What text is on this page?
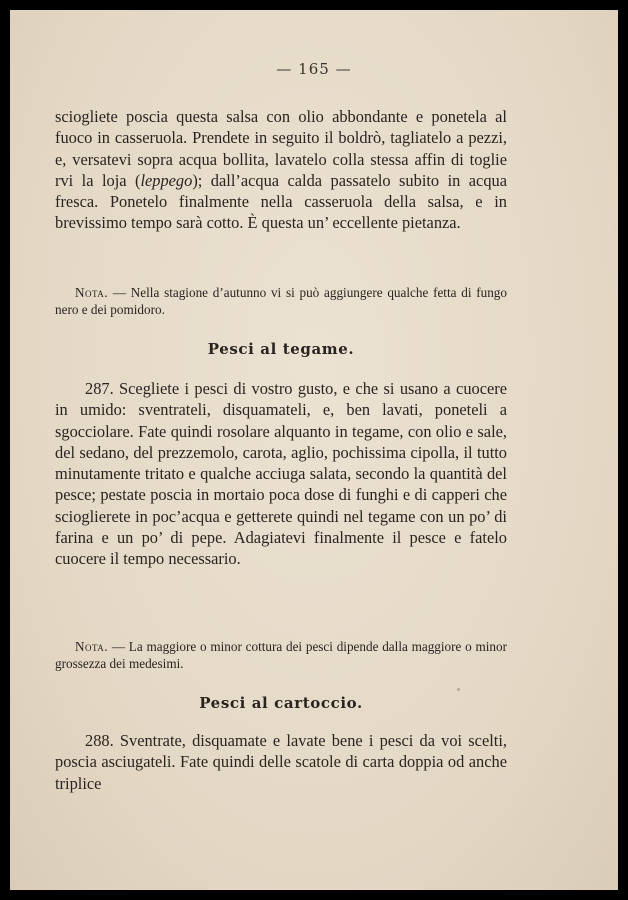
— 165 —

sciogliete poscia questa salsa con olio abbondante e ponetela al fuoco in casseruola. Prendete in seguito il boldrò, tagliatelo a pezzi, e, versatevi sopra acqua bollita, lavatelo colla stessa affin di toglie rvi la loja (leppego); dall’acqua calda passatelo subito in acqua fresca. Ponetelo finalmente nella casseruola della salsa, e in brevissimo tempo sarà cotto. È questa un’ eccellente pietanza.

Nota. — Nella stagione d’autunno vi si può aggiungere qualche fetta di fungo nero e dei pomidoro.

Pesci al tegame.

287. Scegliete i pesci di vostro gusto, e che si usano a cuocere in umido: sventrateli, disquamateli, e, ben lavati, poneteli a sgocciolare. Fate quindi rosolare alquanto in tegame, con olio e sale, del sedano, del prezzemolo, carota, aglio, pochissima cipolla, il tutto minutamente tritato e qualche acciuga salata, secondo la quantità del pesce; pestate poscia in mortaio poca dose di funghi e di capperi che scioglierete in poc’acqua e getterete quindi nel tegame con un po’ di farina e un po’ di pepe. Adagiatevi finalmente il pesce e fatelo cuocere il tempo necessario.

Nota. — La maggiore o minor cottura dei pesci dipende dalla maggiore o minor grossezza dei medesimi.

Pesci al cartoccio.

288. Sventrate, disquamate e lavate bene i pesci da voi scelti, poscia asciugateli. Fate quindi delle scatole di carta doppia od anche triplice
